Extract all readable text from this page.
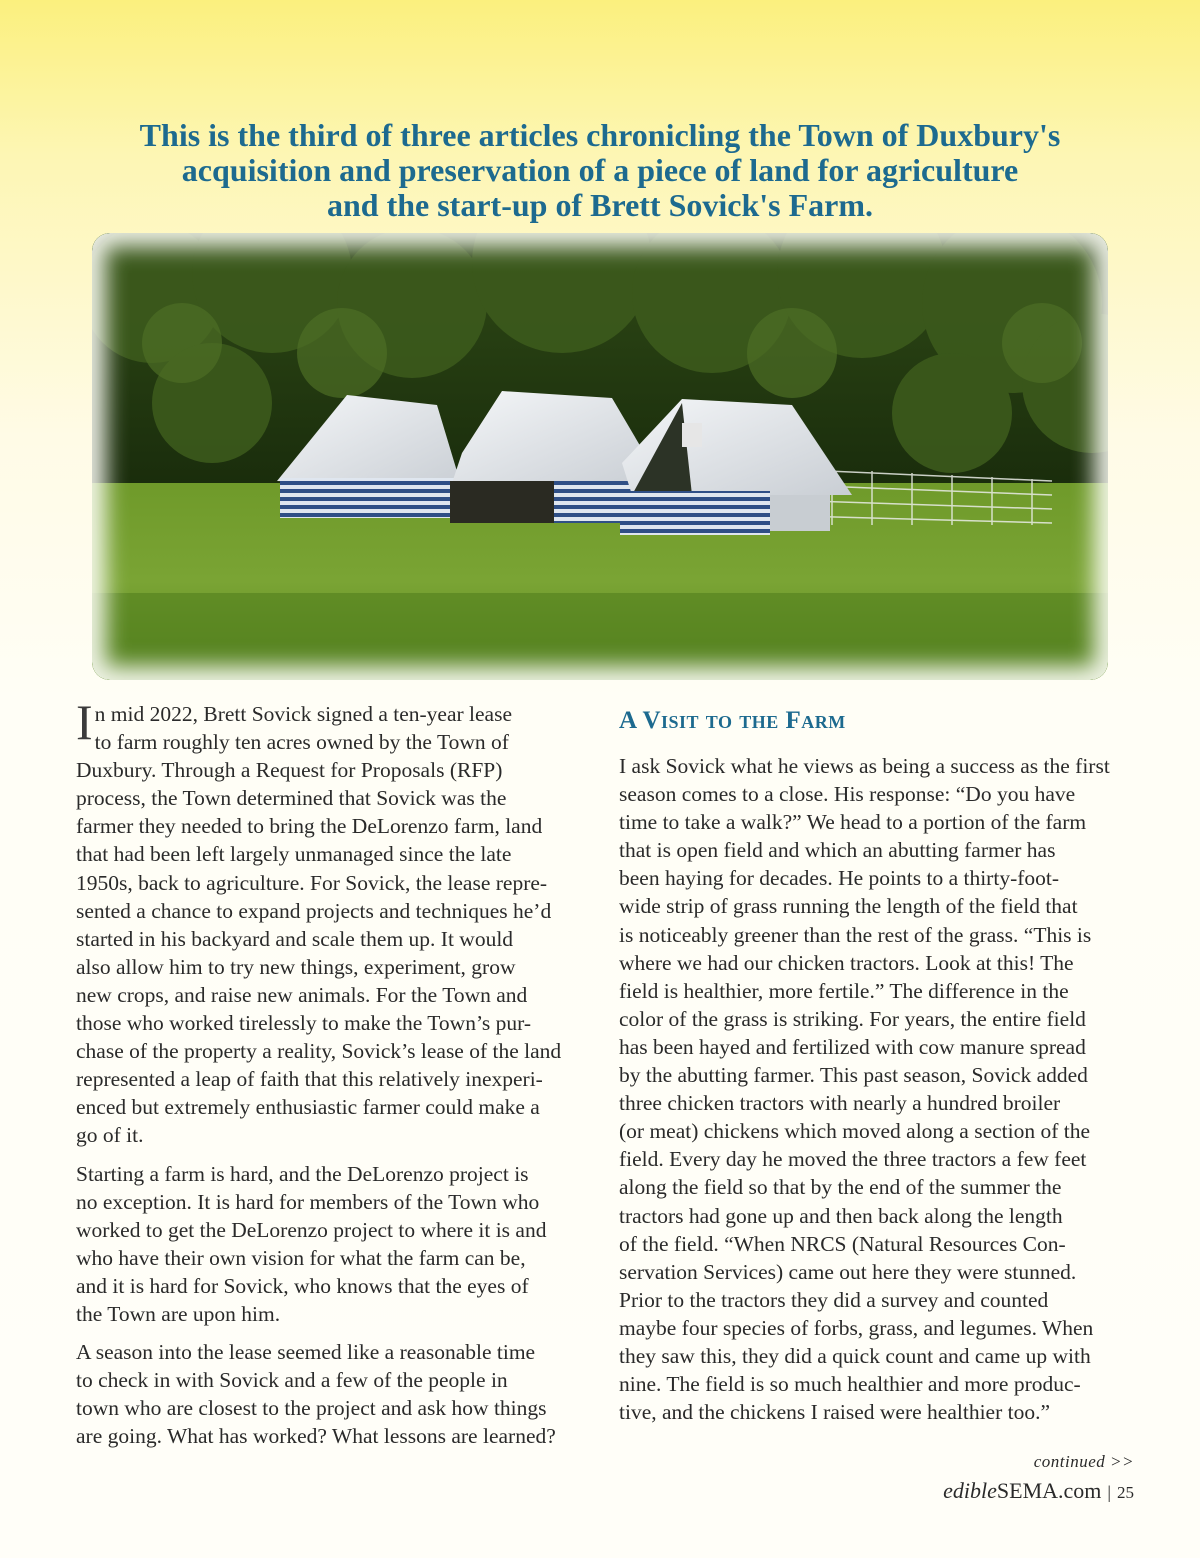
This is the third of three articles chronicling the Town of Duxbury's
acquisition and preservation of a piece of land for agriculture
and the start-up of Brett Sovick's Farm.

I n mid 2022, Brett Sovick signed a ten-year lease
to farm roughly ten acres owned by the Town of
Duxbury. Through a Request for Proposals (RFP)
process, the Town determined that Sovick was the
farmer they needed to bring the DeLorenzo farm, land
that had been left largely unmanaged since the late
1950s, back to agriculture. For Sovick, the lease repre-
sented a chance to expand projects and techniques he’d
started in his backyard and scale them up. It would
also allow him to try new things, experiment, grow
new crops, and raise new animals. For the Town and
those who worked tirelessly to make the Town’s pur-
chase of the property a reality, Sovick’s lease of the land
represented a leap of faith that this relatively inexperi-
enced but extremely enthusiastic farmer could make a
go of it.

Starting a farm is hard, and the DeLorenzo project is
no exception. It is hard for members of the Town who
worked to get the DeLorenzo project to where it is and
who have their own vision for what the farm can be,
and it is hard for Sovick, who knows that the eyes of
the Town are upon him.

A season into the lease seemed like a reasonable time
to check in with Sovick and a few of the people in
town who are closest to the project and ask how things
are going. What has worked? What lessons are learned?

A Visit to the Farm

I ask Sovick what he views as being a success as the first
season comes to a close. His response: “Do you have
time to take a walk?” We head to a portion of the farm
that is open field and which an abutting farmer has
been haying for decades. He points to a thirty-foot-
wide strip of grass running the length of the field that
is noticeably greener than the rest of the grass. “This is
where we had our chicken tractors. Look at this! The
field is healthier, more fertile.” The difference in the
color of the grass is striking. For years, the entire field
has been hayed and fertilized with cow manure spread
by the abutting farmer. This past season, Sovick added
three chicken tractors with nearly a hundred broiler
(or meat) chickens which moved along a section of the
field. Every day he moved the three tractors a few feet
along the field so that by the end of the summer the
tractors had gone up and then back along the length
of the field. “When NRCS (Natural Resources Con-
servation Services) came out here they were stunned.
Prior to the tractors they did a survey and counted
maybe four species of forbs, grass, and legumes. When
they saw this, they did a quick count and came up with
nine. The field is so much healthier and more produc-
tive, and the chickens I raised were healthier too.”

continued >>
edibleSEMA.com | 25
